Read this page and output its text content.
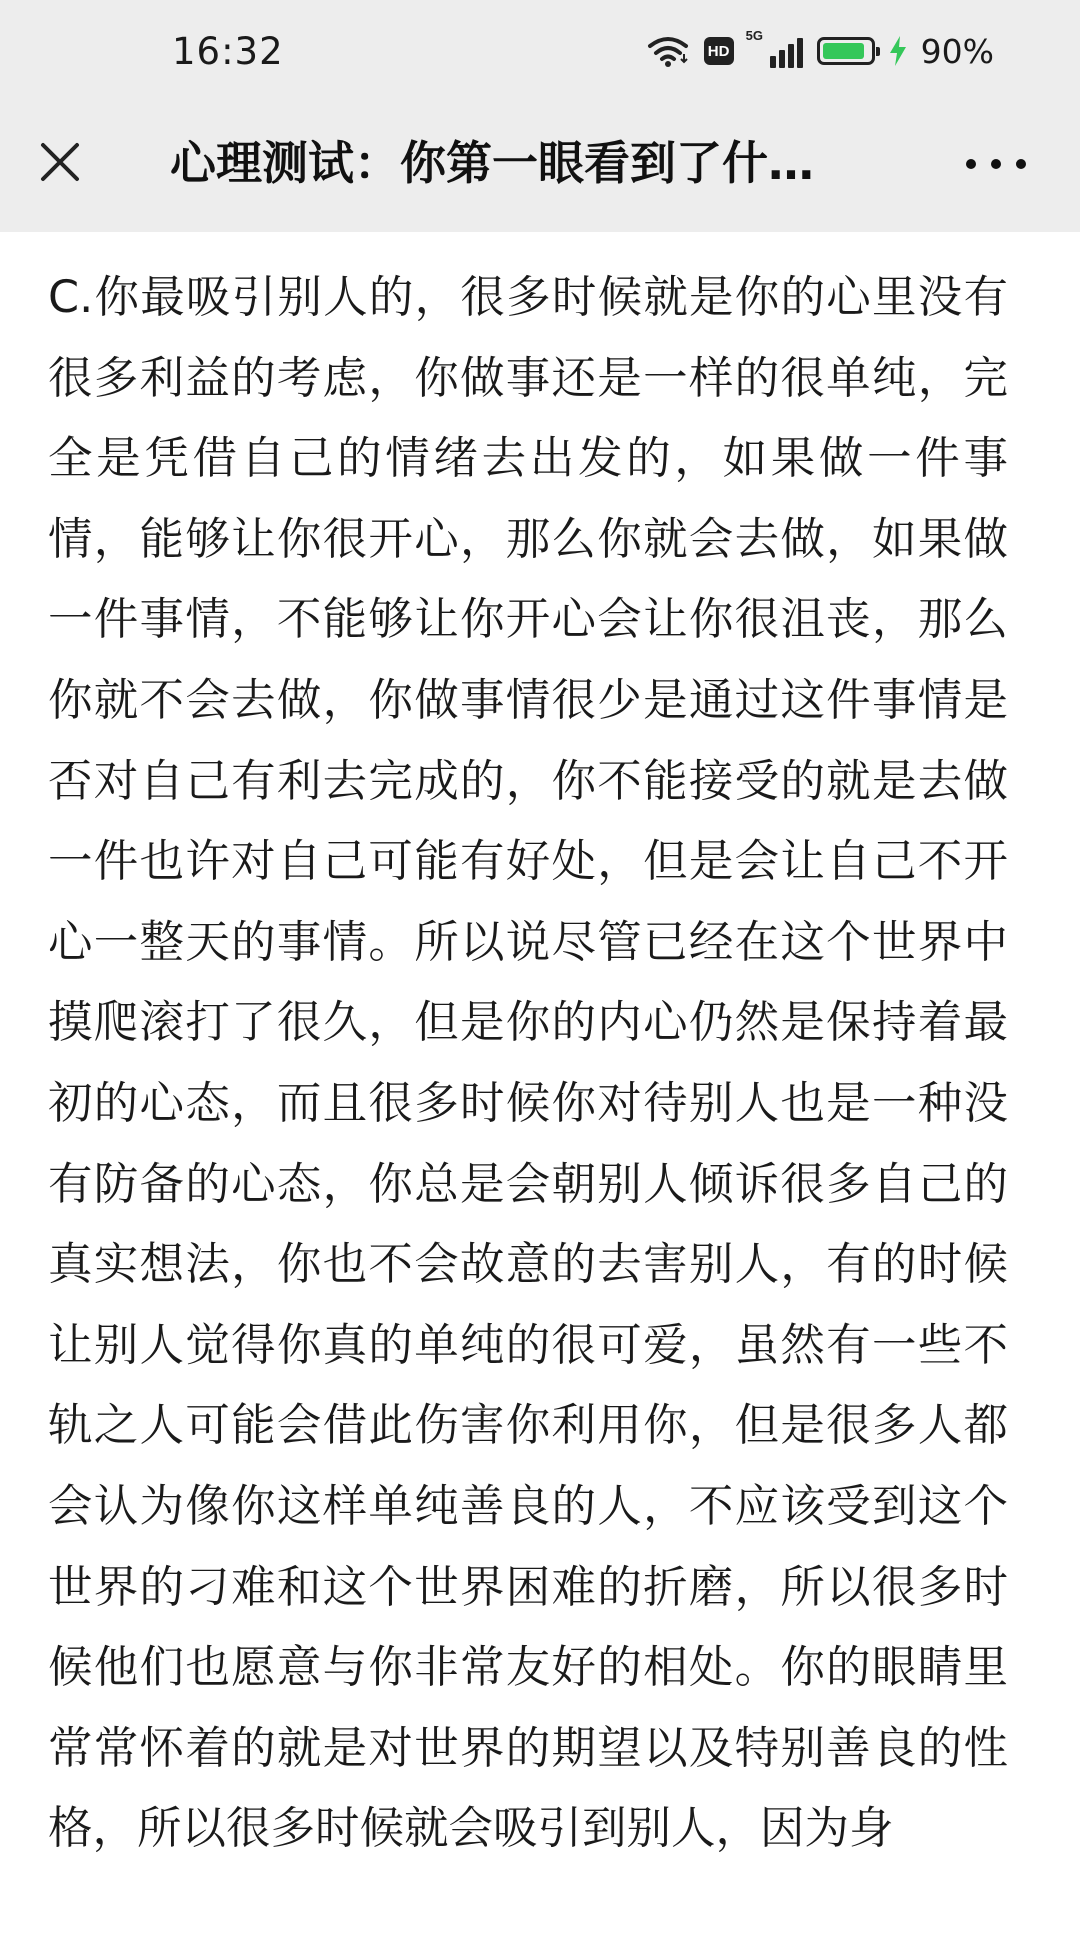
16:32	HD
5G	90%
心理测试：你第一眼看到了什…

C.你最吸引别人的，很多时候就是你的心里没有很多利益的考虑，你做事还是一样的很单纯，完全是凭借自己的情绪去出发的，如果做一件事情，能够让你很开心，那么你就会去做，如果做一件事情，不能够让你开心会让你很沮丧，那么你就不会去做，你做事情很少是通过这件事情是否对自己有利去完成的，你不能接受的就是去做一件也许对自己可能有好处，但是会让自己不开心一整天的事情。所以说尽管已经在这个世界中摸爬滚打了很久，但是你的内心仍然是保持着最初的心态，而且很多时候你对待别人也是一种没有防备的心态，你总是会朝别人倾诉很多自己的真实想法，你也不会故意的去害别人，有的时候让别人觉得你真的单纯的很可爱，虽然有一些不轨之人可能会借此伤害你利用你，但是很多人都会认为像你这样单纯善良的人，不应该受到这个世界的刁难和这个世界困难的折磨，所以很多时候他们也愿意与你非常友好的相处。你的眼睛里常常怀着的就是对世界的期望以及特别善良的性格，所以很多时候就会吸引到别人，因为身
